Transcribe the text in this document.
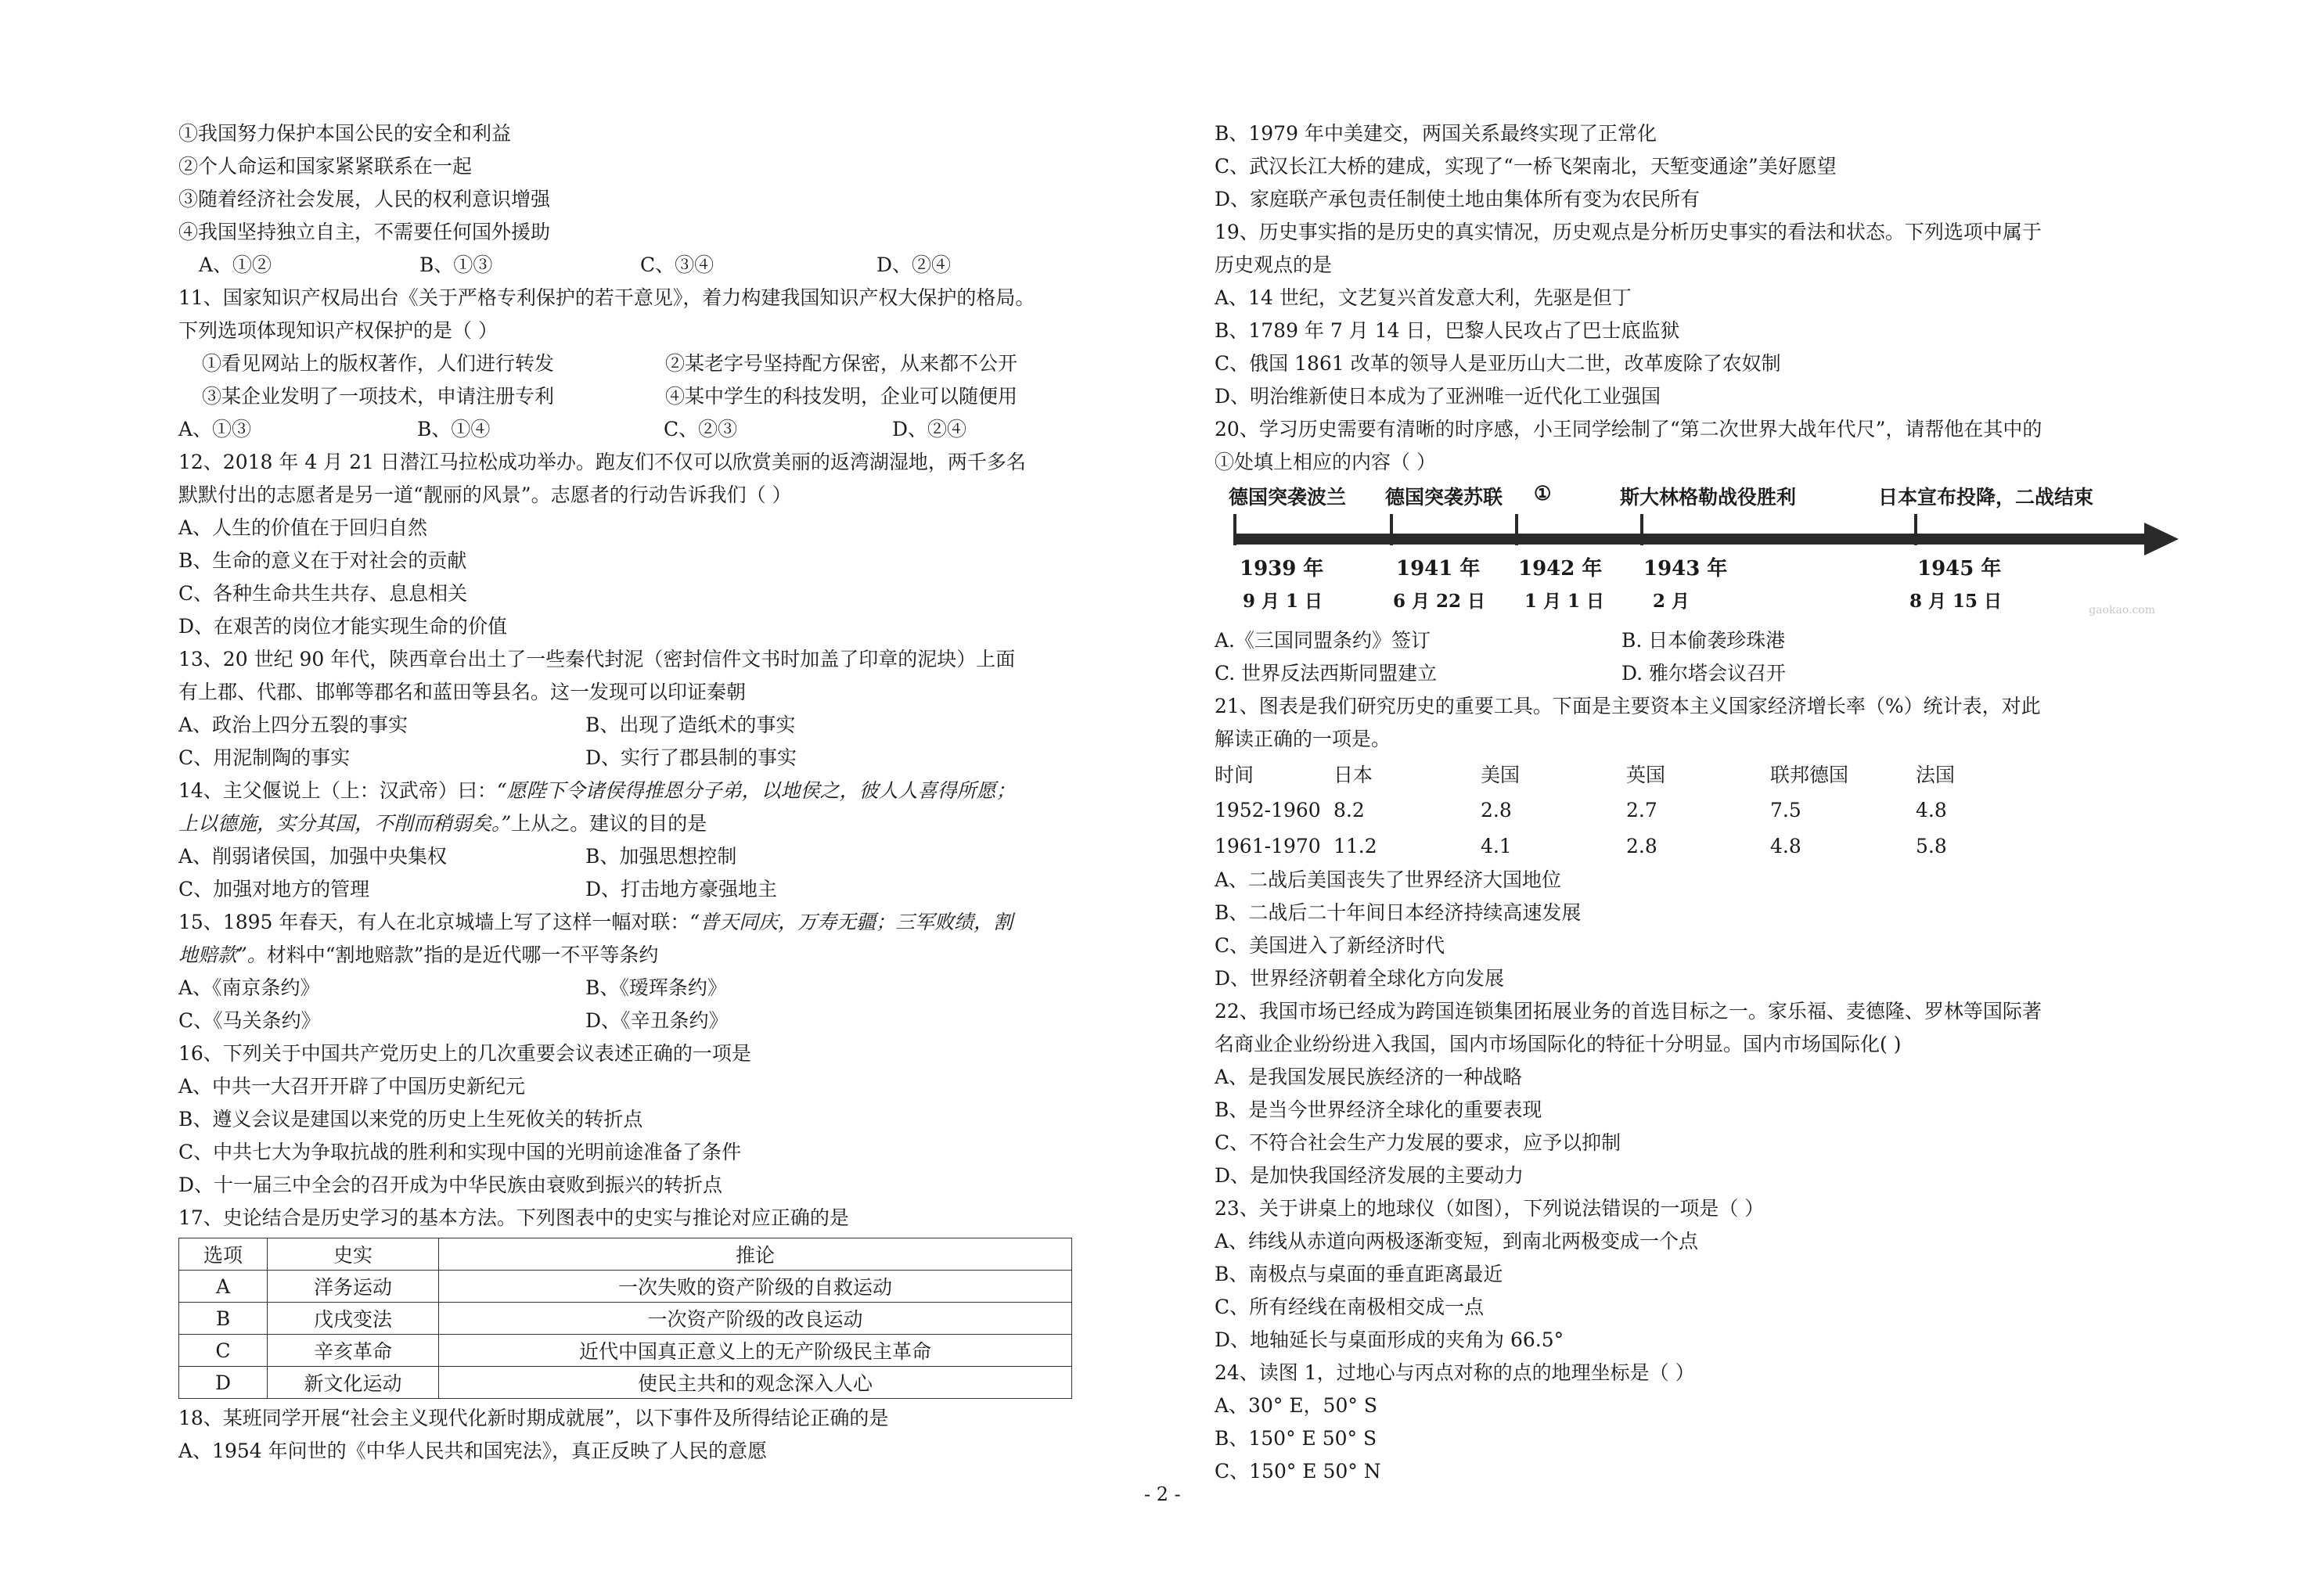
①我国努力保护本国公民的安全和利益
②个人命运和国家紧紧联系在一起
③随着经济社会发展，人民的权利意识增强
④我国坚持独立自主，不需要任何国外援助
A、①②	B、①③	C、③④	D、②④
11、国家知识产权局出台《关于严格专利保护的若干意见》，着力构建我国知识产权大保护的格局。
下列选项体现知识产权保护的是（ ）
①看见网站上的版权著作，人们进行转发	②某老字号坚持配方保密，从来都不公开
③某企业发明了一项技术，申请注册专利	④某中学生的科技发明，企业可以随便用
A、①③	B、①④	C、②③	D、②④
12、2018 年 4 月 21 日潜江马拉松成功举办。跑友们不仅可以欣赏美丽的返湾湖湿地，两千多名
默默付出的志愿者是另一道“靓丽的风景”。志愿者的行动告诉我们（ ）
A、人生的价值在于回归自然
B、生命的意义在于对社会的贡献
C、各种生命共生共存、息息相关
D、在艰苦的岗位才能实现生命的价值
13、20 世纪 90 年代，陕西章台出土了一些秦代封泥（密封信件文书时加盖了印章的泥块）上面
有上郡、代郡、邯郸等郡名和蓝田等县名。这一发现可以印证秦朝
A、政治上四分五裂的事实	B、出现了造纸术的事实
C、用泥制陶的事实	D、实行了郡县制的事实
14、主父偃说上（上：汉武帝）曰：“愿陛下令诸侯得推恩分子弟，以地侯之，彼人人喜得所愿；
上以德施，实分其国，不削而稍弱矣。”上从之。建议的目的是
A、削弱诸侯国，加强中央集权	B、加强思想控制
C、加强对地方的管理	D、打击地方豪强地主
15、1895 年春天，有人在北京城墙上写了这样一幅对联：“普天同庆，万寿无疆；三军败绩，割
地赔款”。材料中“割地赔款”指的是近代哪一不平等条约
A、《南京条约》	B、《瑷珲条约》
C、《马关条约》	D、《辛丑条约》
16、下列关于中国共产党历史上的几次重要会议表述正确的一项是
A、中共一大召开开辟了中国历史新纪元
B、遵义会议是建国以来党的历史上生死攸关的转折点
C、中共七大为争取抗战的胜利和实现中国的光明前途准备了条件
D、十一届三中全会的召开成为中华民族由衰败到振兴的转折点
17、史论结合是历史学习的基本方法。下列图表中的史实与推论对应正确的是
选项	史实	推论
A	洋务运动	一次失败的资产阶级的自救运动
B	戊戌变法	一次资产阶级的改良运动
C	辛亥革命	近代中国真正意义上的无产阶级民主革命
D	新文化运动	使民主共和的观念深入人心
18、某班同学开展“社会主义现代化新时期成就展”，以下事件及所得结论正确的是
A、1954 年问世的《中华人民共和国宪法》，真正反映了人民的意愿
B、1979 年中美建交，两国关系最终实现了正常化
C、武汉长江大桥的建成，实现了“一桥飞架南北，天堑变通途”美好愿望
D、家庭联产承包责任制使土地由集体所有变为农民所有
19、历史事实指的是历史的真实情况，历史观点是分析历史事实的看法和状态。下列选项中属于
历史观点的是
A、14 世纪，文艺复兴首发意大利，先驱是但丁
B、1789 年 7 月 14 日，巴黎人民攻占了巴士底监狱
C、俄国 1861 改革的领导人是亚历山大二世，改革废除了农奴制
D、明治维新使日本成为了亚洲唯一近代化工业强国
20、学习历史需要有清晰的时序感，小王同学绘制了“第二次世界大战年代尺”，请帮他在其中的
①处填上相应的内容（ ）
德国突袭波兰 德国突袭苏联 ①	斯大林格勒战役胜利	日本宣布投降，二战结束
1939 年	1941 年 1942 年 1943 年	1945 年
9 月 1 日	6 月 22 日 1 月 1 日	2 月	8 月 15 日	gaokao.com
A.《三国同盟条约》签订	B. 日本偷袭珍珠港
C. 世界反法西斯同盟建立	D. 雅尔塔会议召开
21、图表是我们研究历史的重要工具。下面是主要资本主义国家经济增长率（%）统计表，对此
解读正确的一项是。
时间	日本	美国	英国	联邦德国	法国
1952-1960	8.2	2.8	2.7	7.5	4.8
1961-1970	11.2	4.1	2.8	4.8	5.8
A、二战后美国丧失了世界经济大国地位
B、二战后二十年间日本经济持续高速发展
C、美国进入了新经济时代
D、世界经济朝着全球化方向发展
22、我国市场已经成为跨国连锁集团拓展业务的首选目标之一。家乐福、麦德隆、罗林等国际著
名商业企业纷纷进入我国，国内市场国际化的特征十分明显。国内市场国际化( )
A、是我国发展民族经济的一种战略
B、是当今世界经济全球化的重要表现
C、不符合社会生产力发展的要求，应予以抑制
D、是加快我国经济发展的主要动力
23、关于讲桌上的地球仪（如图），下列说法错误的一项是（ ）
A、纬线从赤道向两极逐渐变短，到南北两极变成一个点
B、南极点与桌面的垂直距离最近
C、所有经线在南极相交成一点
D、地轴延长与桌面形成的夹角为 66.5°
24、读图 1，过地心与丙点对称的点的地理坐标是（ ）
A、30° E，50° S
B、150° E 50° S
C、150° E 50° N
- 2 -
